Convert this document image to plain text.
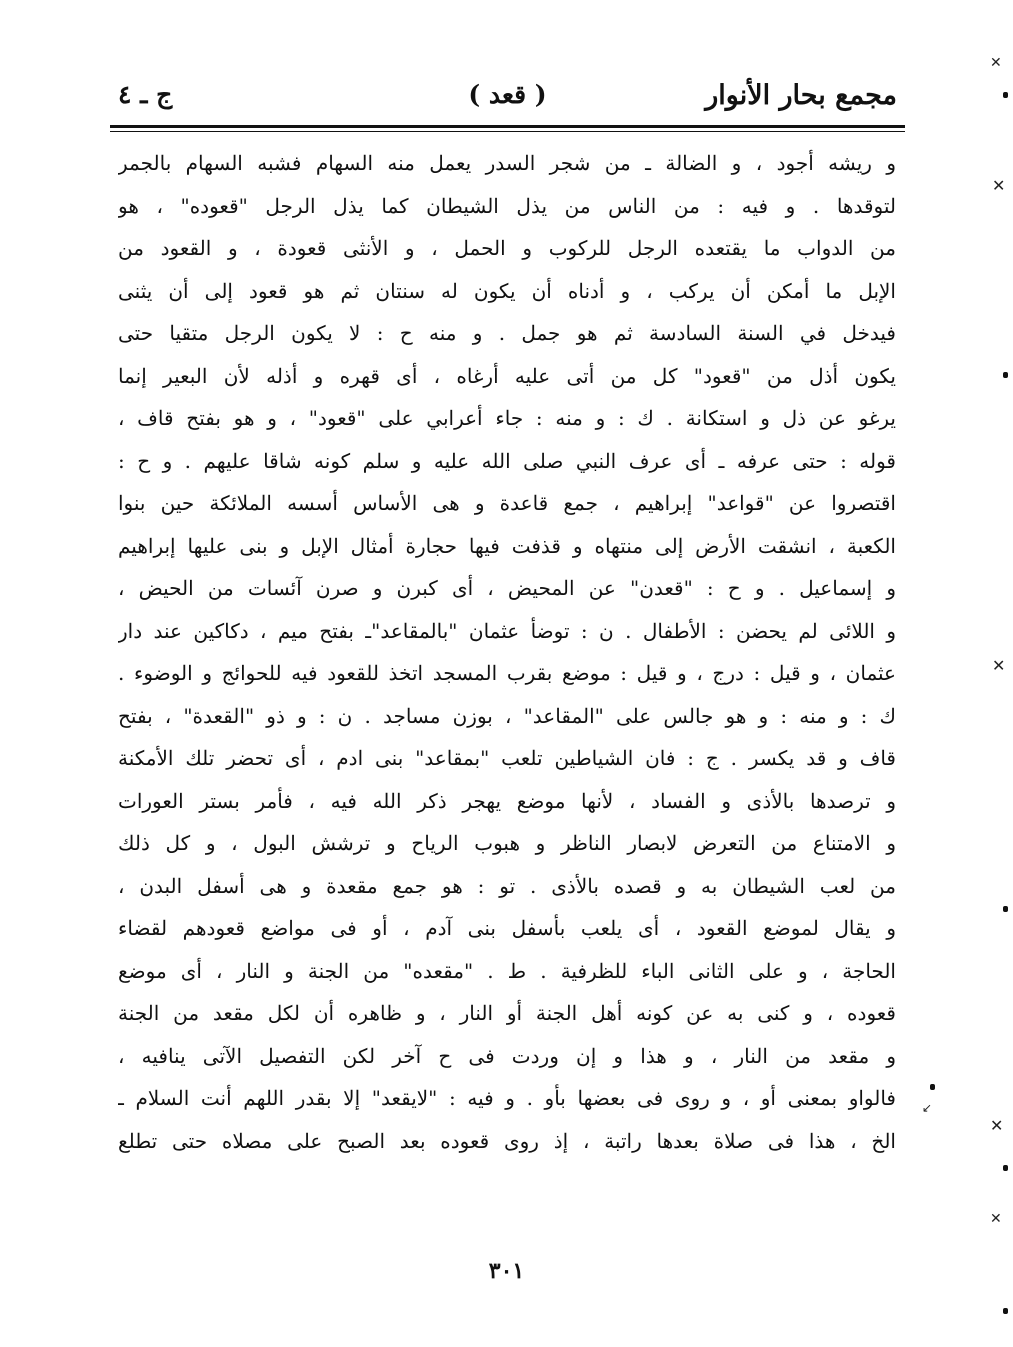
مجمع بحار الأنوار
( قعد )
ج ـ ٤
و ريشه أجود ، و الضالة ـ من شجر السدر يعمل منه السهام فشبه السهام بالجمر
لتوقدها . و فيه : من الناس من يذل الشيطان كما يذل الرجل "قعوده" ، هو
من الدواب ما يقتعده الرجل للركوب و الحمل ، و الأنثى قعودة ، و القعود من
الإبل ما أمكن أن يركب ، و أدناه أن يكون له سنتان ثم هو قعود إلى أن يثنى
فيدخل في السنة السادسة ثم هو جمل . و منه ح : لا يكون الرجل متقيا حتى
يكون أذل من "قعود" كل من أتى عليه أرغاه ، أى قهره و أذله لأن البعير إنما
يرغو عن ذل و استكانة . ك : و منه : جاء أعرابي على "قعود" ، و هو بفتح قاف ،
قوله : حتى عرفه ـ أى عرف النبي صلى الله عليه و سلم كونه شاقا عليهم . و ح :
اقتصروا عن "قواعد" إبراهيم ، جمع قاعدة و هى الأساس أسسه الملائكة حين بنوا
الكعبة ، انشقت الأرض إلى منتهاه و قذفت فيها حجارة أمثال الإبل و بنى عليها إبراهيم
و إسماعيل . و ح : "قعدن" عن المحيض ، أى كبرن و صرن آئسات من الحيض ،
و اللائى لم يحضن : الأطفال . ن : توضأ عثمان "بالمقاعد"ـ بفتح ميم ، دكاكين عند دار
عثمان ، و قيل : درج ، و قيل : موضع بقرب المسجد اتخذ للقعود فيه للحوائج و الوضوء .
ك : و منه : و هو جالس على "المقاعد" ، بوزن مساجد . ن : و ذو "القعدة" ، بفتح
قاف و قد يكسر . ج : فان الشياطين تلعب "بمقاعد" بنى ادم ، أى تحضر تلك الأمكنة
و ترصدها بالأذى و الفساد ، لأنها موضع يهجر ذكر الله فيه ، فأمر بستر العورات
و الامتناع من التعرض لابصار الناظر و هبوب الرياح و ترشش البول ، و كل ذلك
من لعب الشيطان به و قصده بالأذى . تو : هو جمع مقعدة و هى أسفل البدن ،
و يقال لموضع القعود ، أى يلعب بأسفل بنى آدم ، أو فى مواضع قعودهم لقضاء
الحاجة ، و على الثانى الباء للظرفية . ط . "مقعده" من الجنة و النار ، أى موضع
قعوده ، و كنى به عن كونه أهل الجنة أو النار ، و ظاهره أن لكل مقعد من الجنة
و مقعد من النار ، و هذا و إن وردت فى ح آخر لكن التفصيل الآتى ينافيه ،
فالواو بمعنى أو ، و روى فى بعضها بأو . و فيه : "لايقعد" إلا بقدر اللهم أنت السلام ـ
الخ ، هذا فى صلاة بعدها راتبة ، إذ روى قعوده بعد الصبح على مصلاه حتى تطلع
٣٠١
✕
✕
✕
✕
✕
↙
